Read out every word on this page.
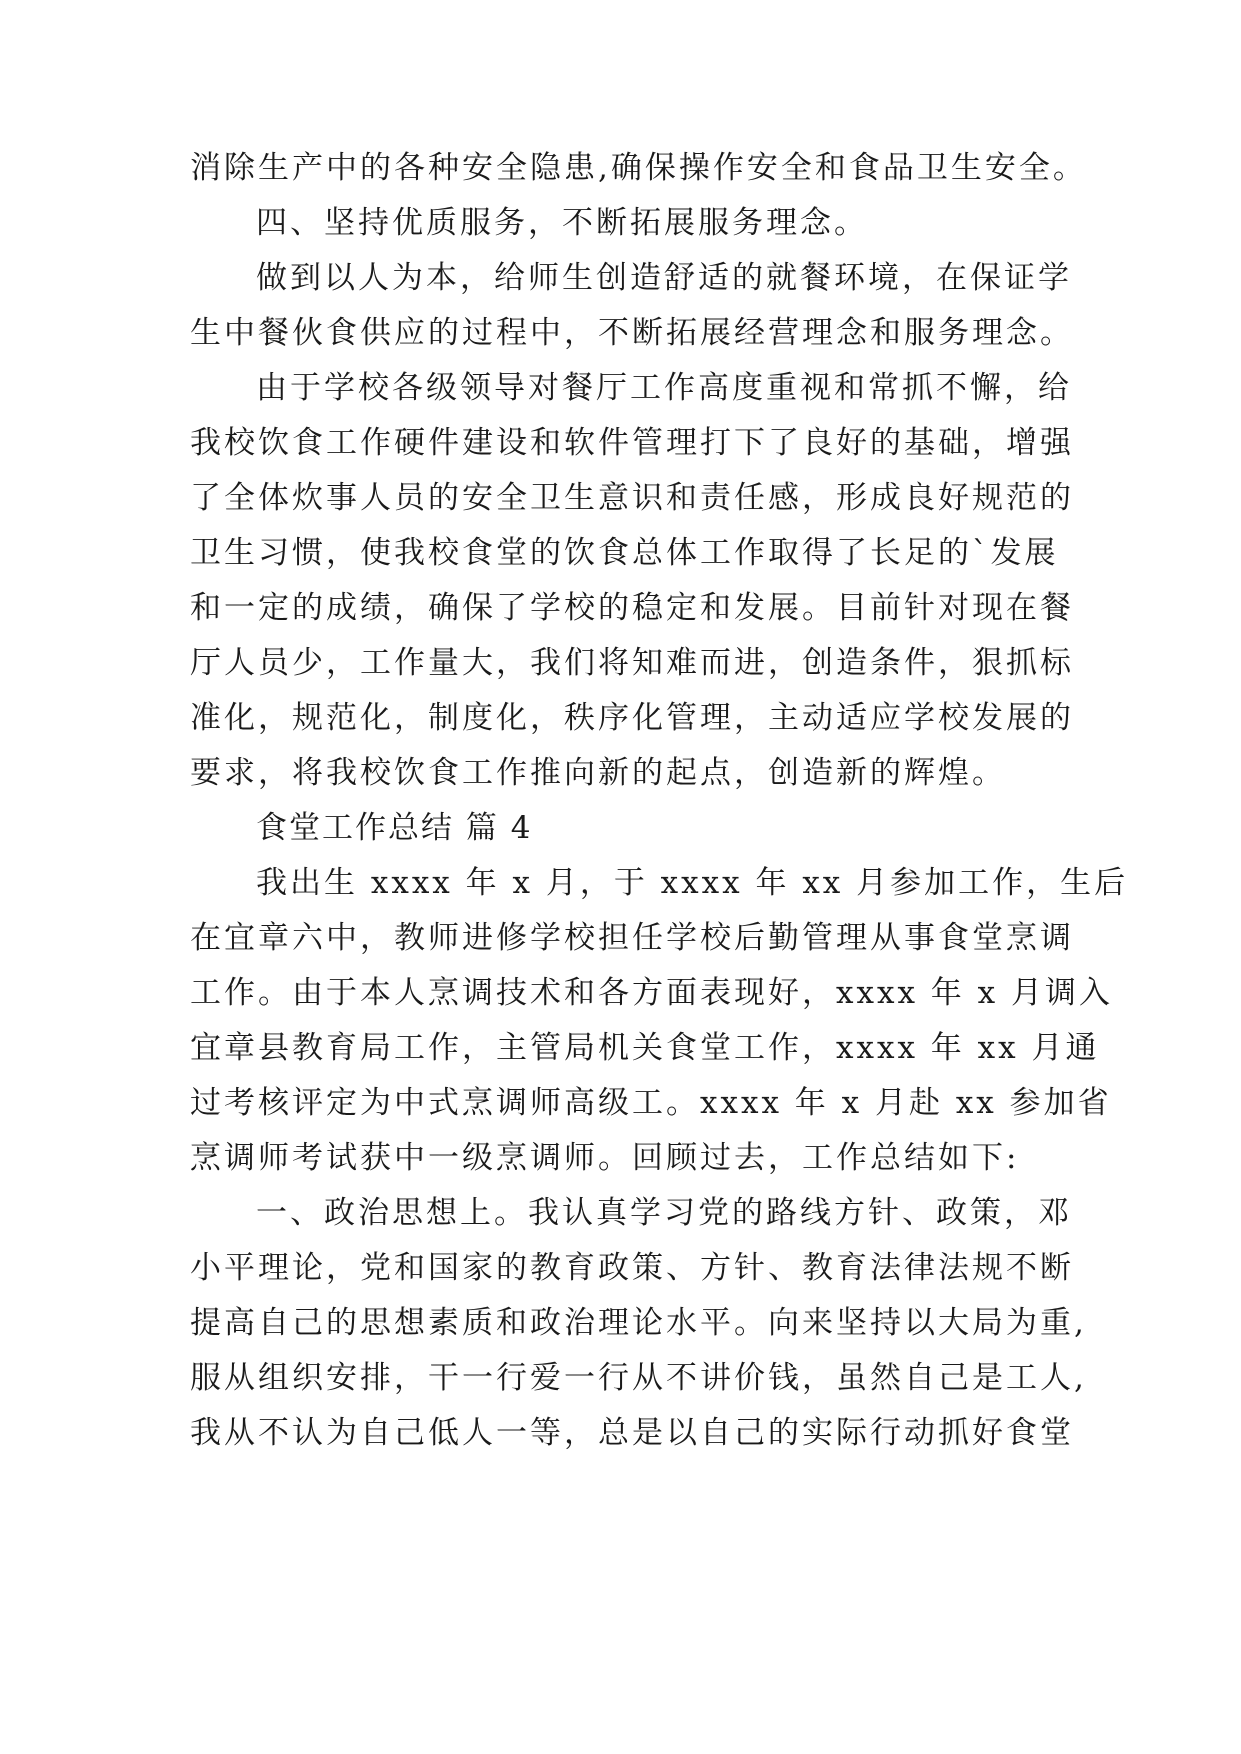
消除生产中的各种安全隐患,确保操作安全和食品卫生安全。
四、坚持优质服务，不断拓展服务理念。
做到以人为本，给师生创造舒适的就餐环境，在保证学
生中餐伙食供应的过程中，不断拓展经营理念和服务理念。
由于学校各级领导对餐厅工作高度重视和常抓不懈，给
我校饮食工作硬件建设和软件管理打下了良好的基础，增强
了全体炊事人员的安全卫生意识和责任感，形成良好规范的
卫生习惯，使我校食堂的饮食总体工作取得了长足的`发展
和一定的成绩，确保了学校的稳定和发展。目前针对现在餐
厅人员少，工作量大，我们将知难而进，创造条件，狠抓标
准化，规范化，制度化，秩序化管理，主动适应学校发展的
要求，将我校饮食工作推向新的起点，创造新的辉煌。
食堂工作总结 篇 4
我出生 xxxx 年 x 月，于 xxxx 年 xx 月参加工作，生后
在宜章六中，教师进修学校担任学校后勤管理从事食堂烹调
工作。由于本人烹调技术和各方面表现好，xxxx 年 x 月调入
宜章县教育局工作，主管局机关食堂工作，xxxx 年 xx 月通
过考核评定为中式烹调师高级工。xxxx 年 x 月赴 xx 参加省
烹调师考试获中一级烹调师。回顾过去，工作总结如下:
一、政治思想上。我认真学习党的路线方针、政策，邓
小平理论，党和国家的教育政策、方针、教育法律法规不断
提高自己的思想素质和政治理论水平。向来坚持以大局为重,
服从组织安排，干一行爱一行从不讲价钱，虽然自己是工人,
我从不认为自己低人一等，总是以自己的实际行动抓好食堂
